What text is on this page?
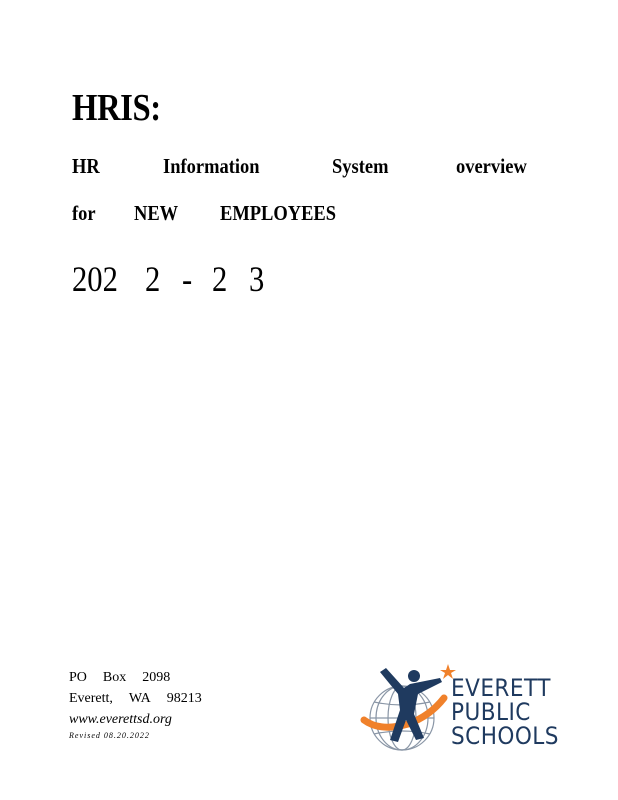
HRIS:
HR	Information	System	overview
for NEW EMPLOYEES
202 2 - 2 3
PO Box 2098
Everett, WA 98213
www.everettsd.org
Revised 08.20.2022
EVERETT
PUBLIC
SCHOOLS
